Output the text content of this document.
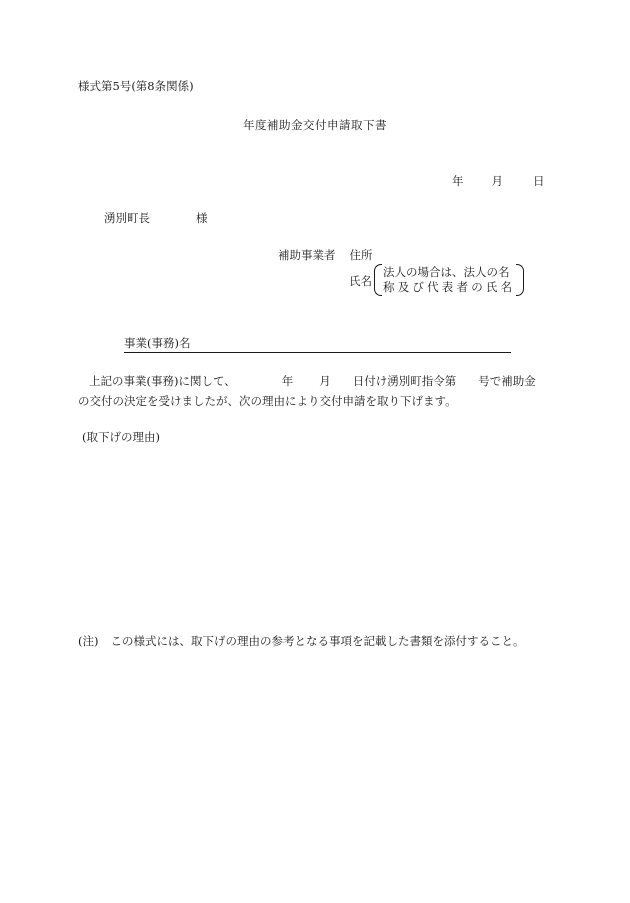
様式第5号(第8条関係)
年度補助金交付申請取下書
年 月	日
湧別町長	様
補助事業者 住所
氏名
法人の場合は、法人の名
称及び代表者の氏名
事業(事務)名
上記の事業(事務)に関して、	年 月 日付け湧別町指令第 号で補助金
の交付の決定を受けましたが、次の理由により交付申請を取り下げます。
(取下げの理由)
(注) この様式には、取下げの理由の参考となる事項を記載した書類を添付すること。
